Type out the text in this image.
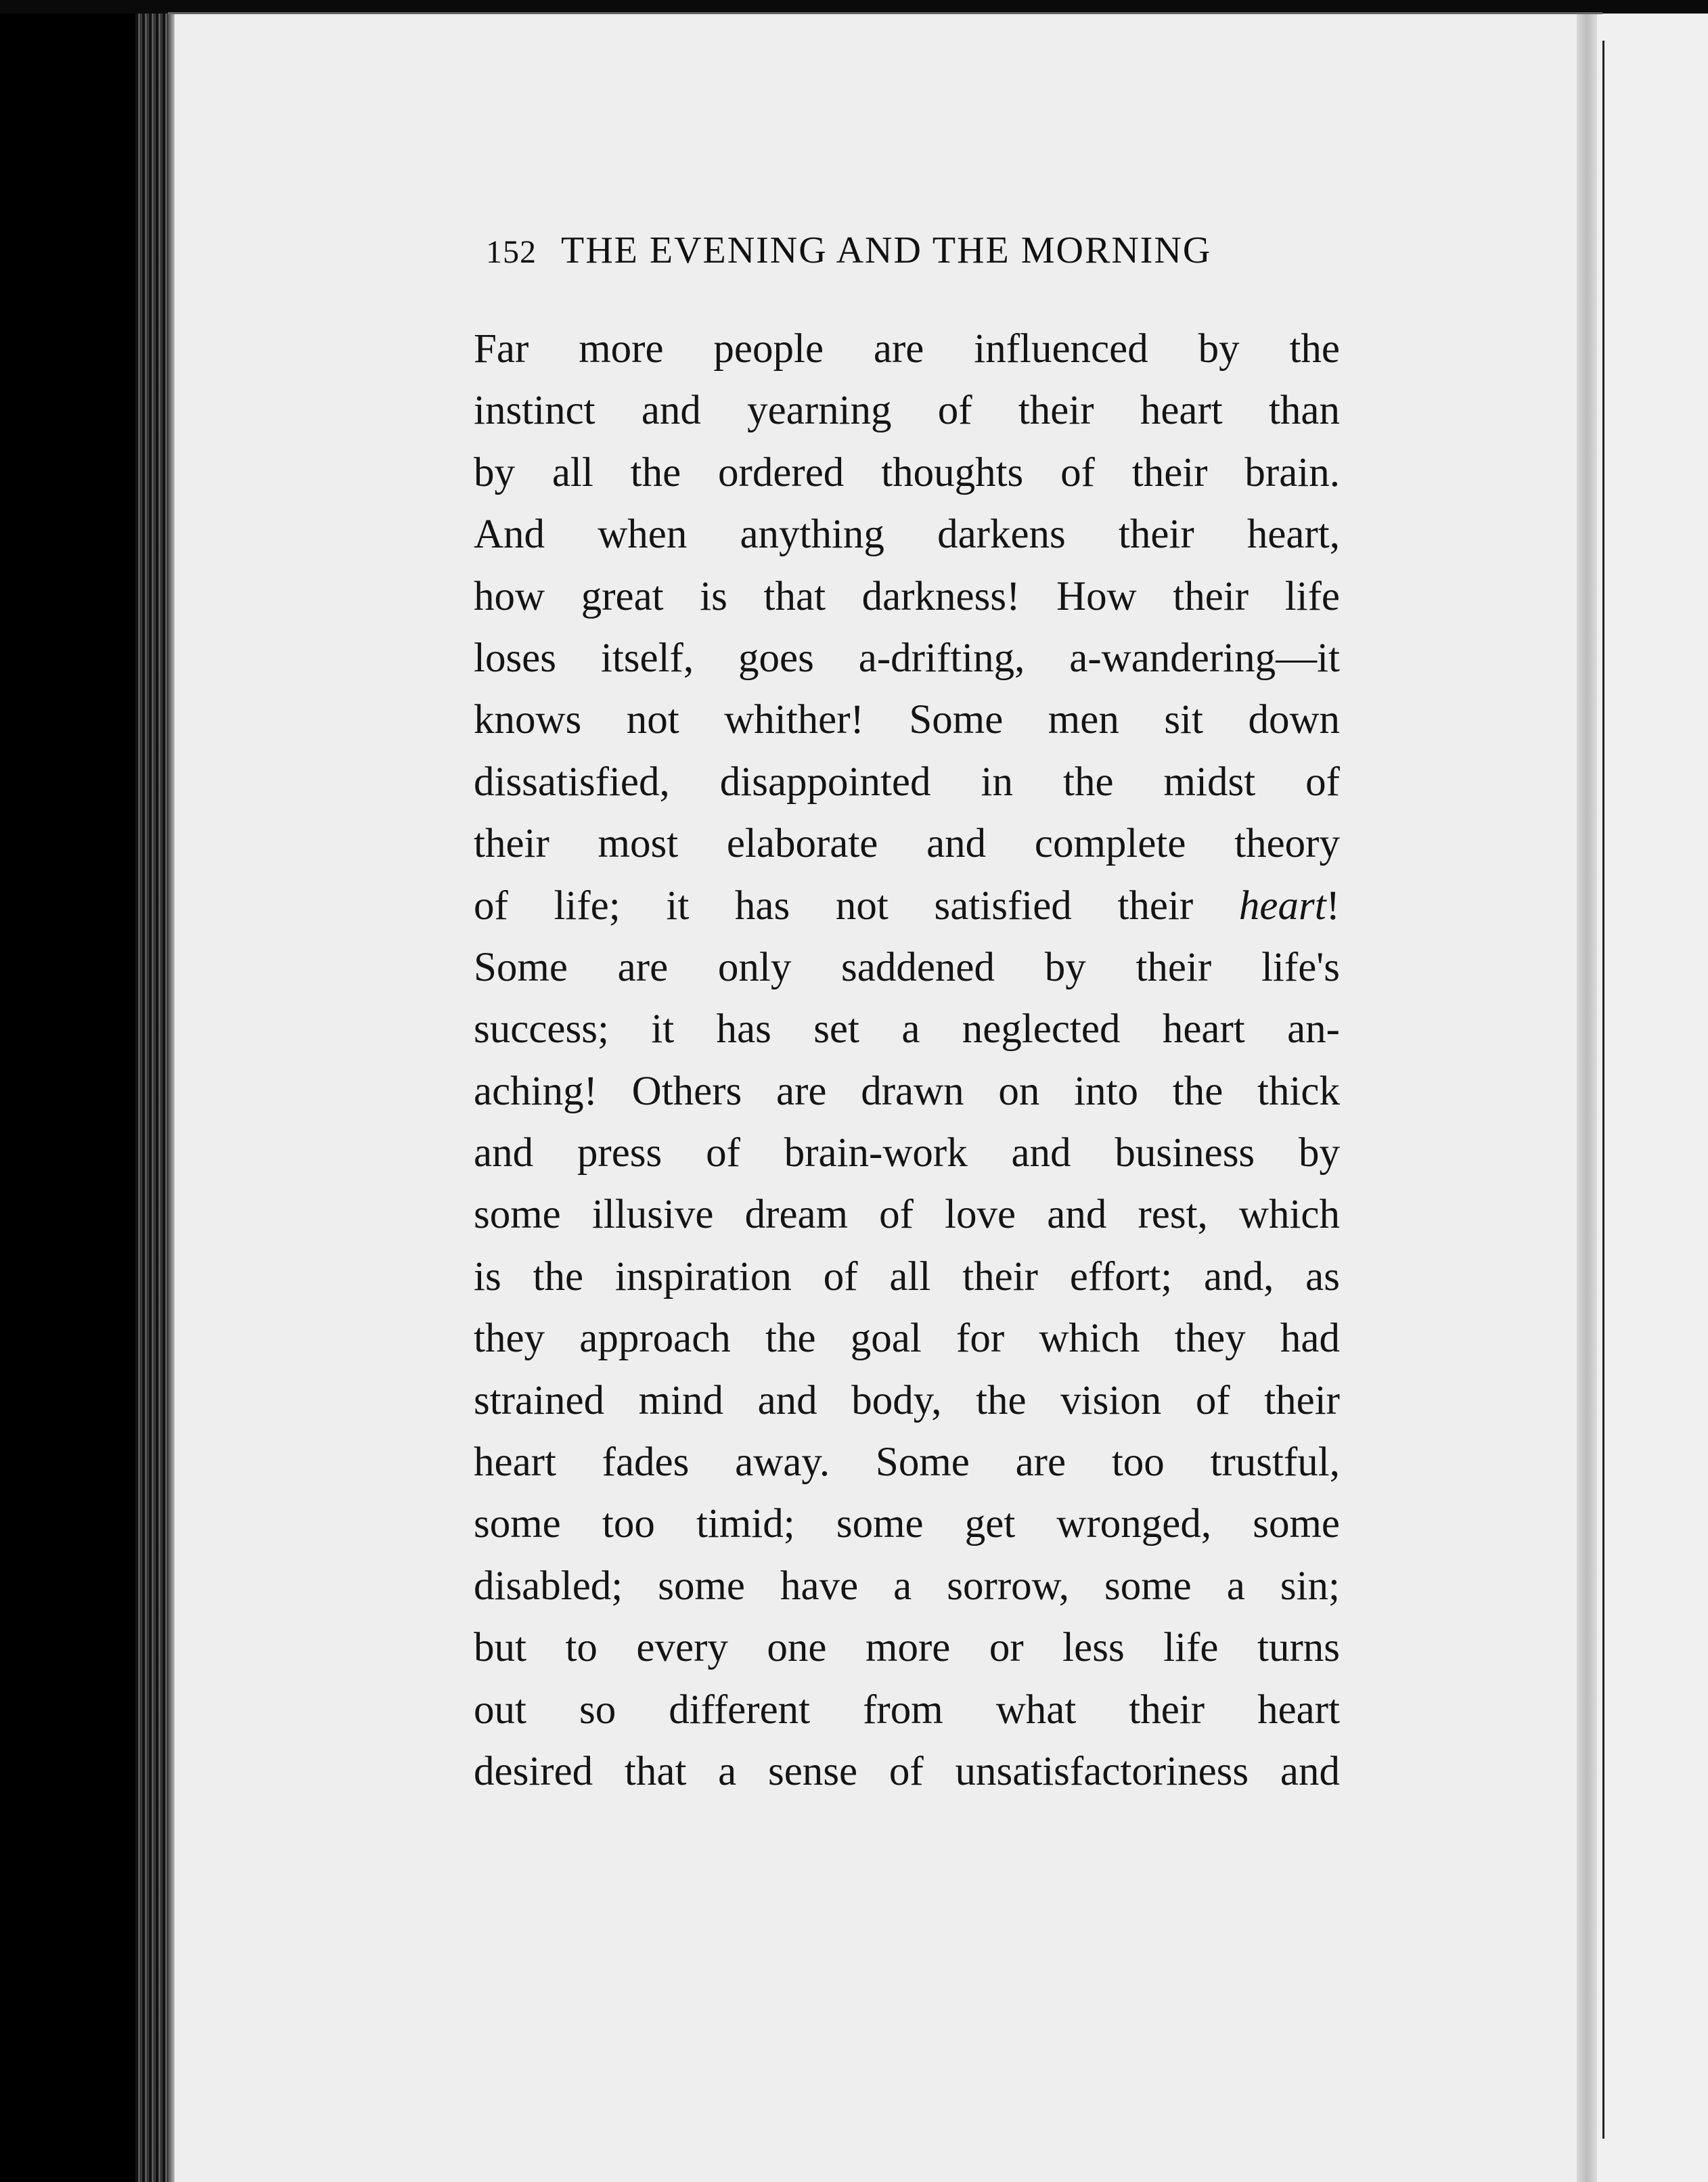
152 THE EVENING AND THE MORNING
Far more people are influenced by the
instinct and yearning of their heart than
by all the ordered thoughts of their brain.
And when anything darkens their heart,
how great is that darkness! How their life
loses itself, goes a-drifting, a-wandering—it
knows not whither! Some men sit down
dissatisfied, disappointed in the midst of
their most elaborate and complete theory
of life; it has not satisfied their heart!
Some are only saddened by their life's
success; it has set a neglected heart an-
aching! Others are drawn on into the thick
and press of brain-work and business by
some illusive dream of love and rest, which
is the inspiration of all their effort; and, as
they approach the goal for which they had
strained mind and body, the vision of their
heart fades away. Some are too trustful,
some too timid; some get wronged, some
disabled; some have a sorrow, some a sin;
but to every one more or less life turns
out so different from what their heart
desired that a sense of unsatisfactoriness and
